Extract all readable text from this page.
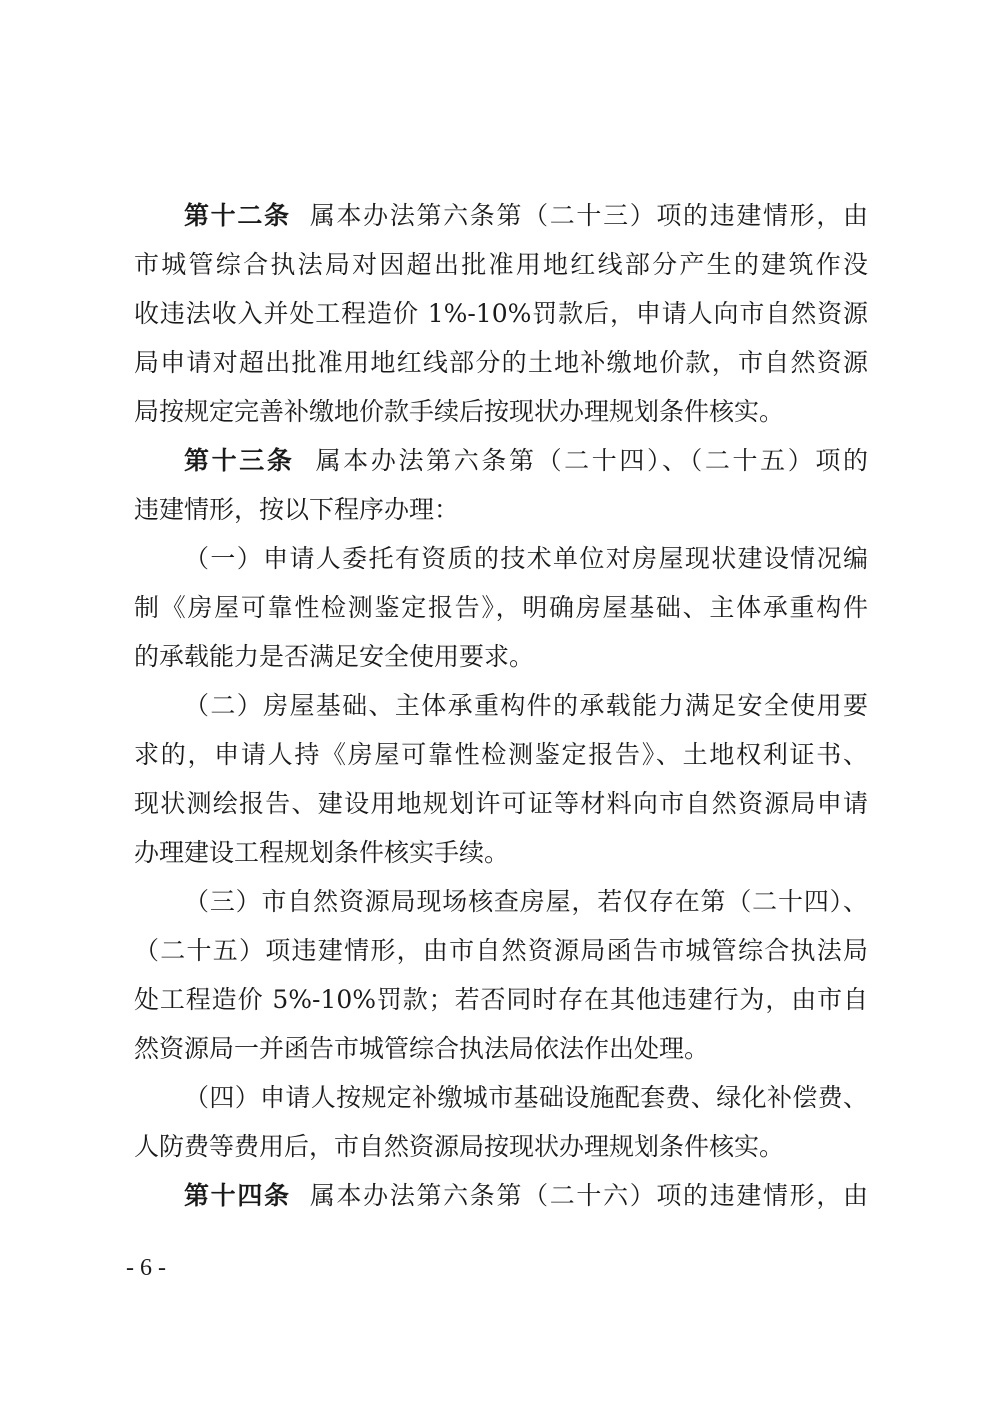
第十二条 属本办法第六条第（二十三）项的违建情形，由
市城管综合执法局对因超出批准用地红线部分产生的建筑作没
收违法收入并处工程造价 1%-10%罚款后，申请人向市自然资源
局申请对超出批准用地红线部分的土地补缴地价款，市自然资源
局按规定完善补缴地价款手续后按现状办理规划条件核实。
第十三条 属本办法第六条第（二十四）、（二十五）项的
违建情形，按以下程序办理：
（一）申请人委托有资质的技术单位对房屋现状建设情况编
制《房屋可靠性检测鉴定报告》，明确房屋基础、主体承重构件
的承载能力是否满足安全使用要求。
（二）房屋基础、主体承重构件的承载能力满足安全使用要
求的，申请人持《房屋可靠性检测鉴定报告》、土地权利证书、
现状测绘报告、建设用地规划许可证等材料向市自然资源局申请
办理建设工程规划条件核实手续。
（三）市自然资源局现场核查房屋，若仅存在第（二十四）、
（二十五）项违建情形，由市自然资源局函告市城管综合执法局
处工程造价 5%-10%罚款；若否同时存在其他违建行为，由市自
然资源局一并函告市城管综合执法局依法作出处理。
（四）申请人按规定补缴城市基础设施配套费、绿化补偿费、
人防费等费用后，市自然资源局按现状办理规划条件核实。
第十四条 属本办法第六条第（二十六）项的违建情形，由
- 6 -
